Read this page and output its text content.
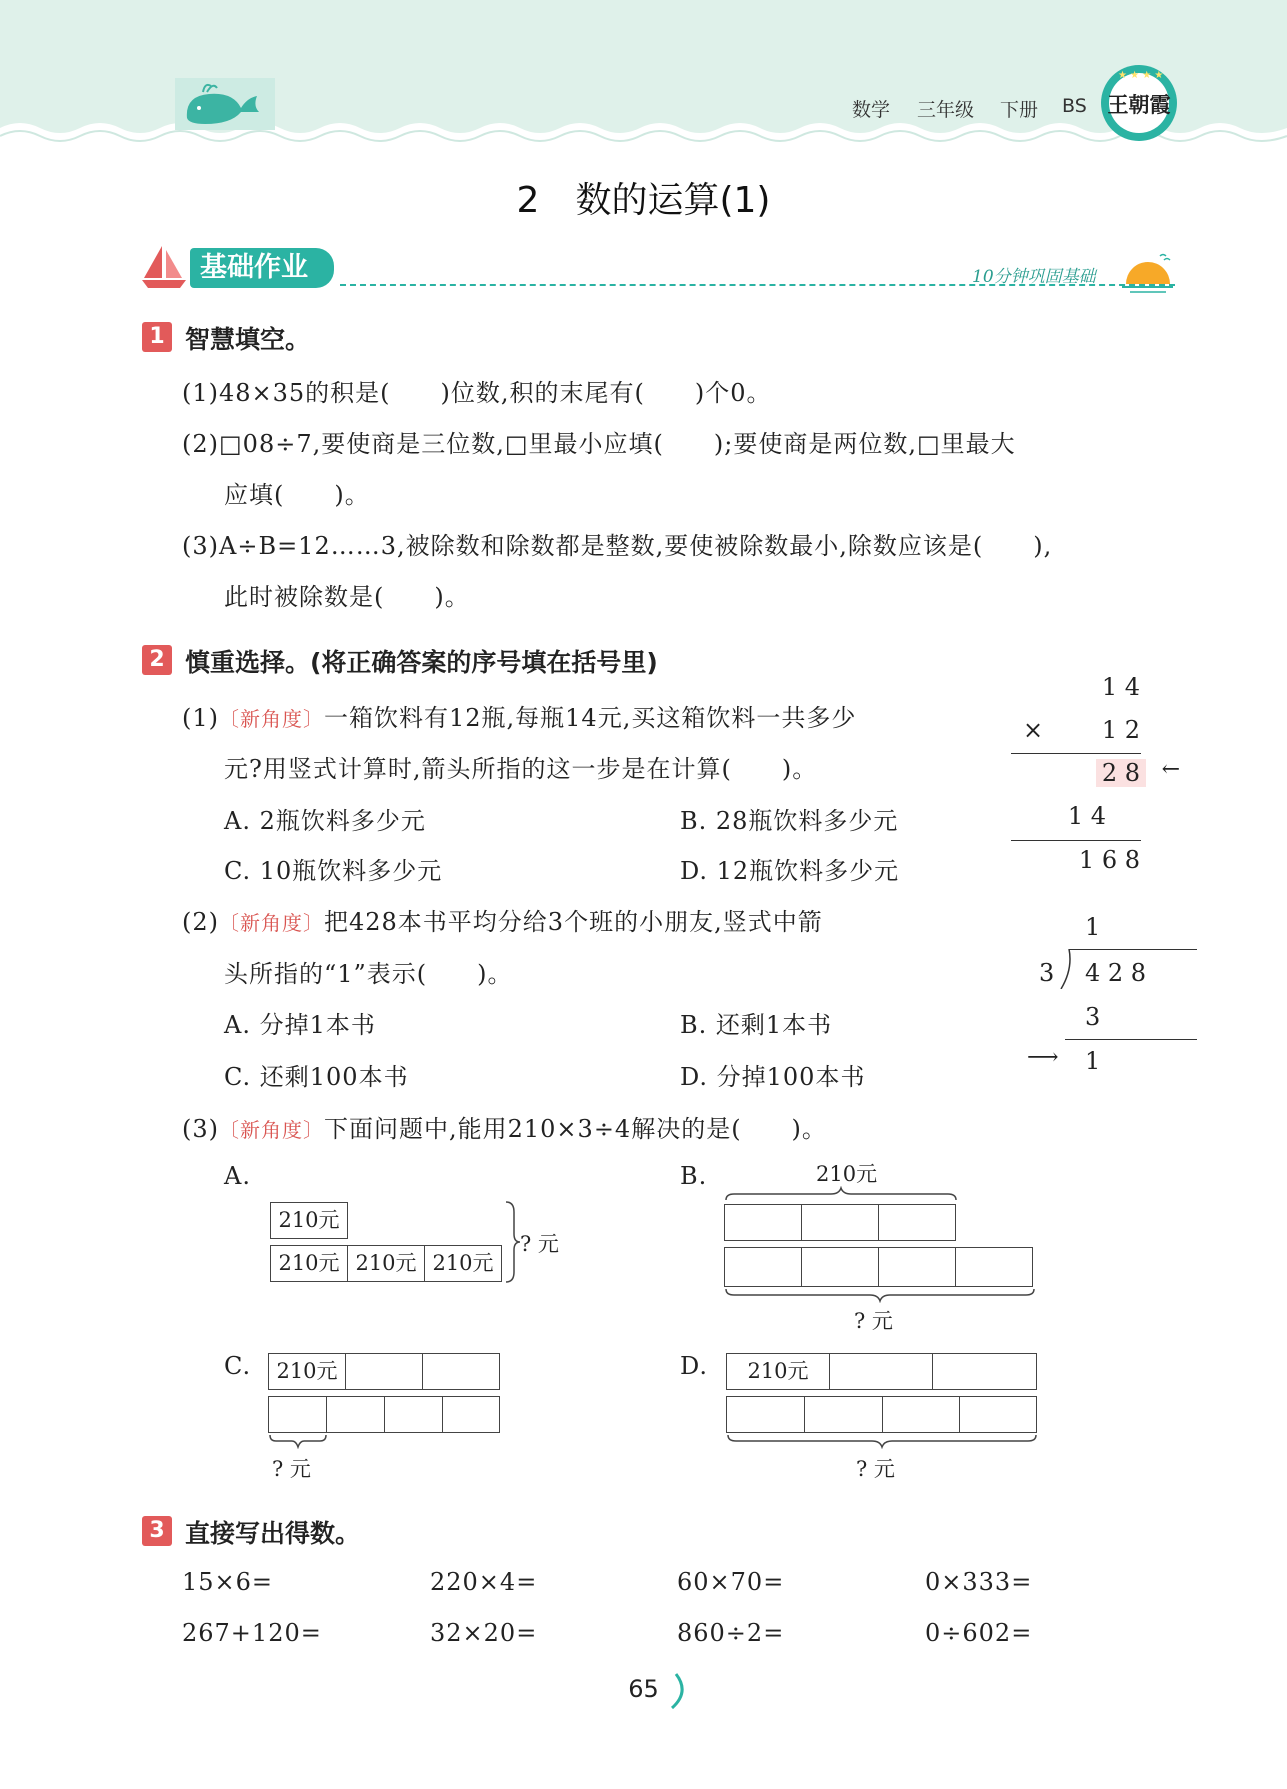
数学 三年级 下册 BS
★ ★ ★ ★
王朝霞
2　数的运算(1)
基础作业	10分钟巩固基础
1 智慧填空。
(1)48×35的积是(　　)位数,积的末尾有(　　)个0。
(2)□08÷7,要使商是三位数,□里最小应填(　　);要使商是两位数,□里最大
应填(　　)。
(3)A÷B=12……3,被除数和除数都是整数,要使被除数最小,除数应该是(　　),
此时被除数是(　　)。
2 慎重选择。(将正确答案的序号填在括号里)
(1)〔新角度〕一箱饮料有12瓶,每瓶14元,买这箱饮料一共多少
元?用竖式计算时,箭头所指的这一步是在计算(　　)。
A. 2瓶饮料多少元	B. 28瓶饮料多少元
C. 10瓶饮料多少元	D. 12瓶饮料多少元
1 4
× 1 2
2 8 ←
1 4
1 6 8
(2)〔新角度〕把428本书平均分给3个班的小朋友,竖式中箭
头所指的“1”表示(　　)。
A. 分掉1本书	B. 还剩1本书
C. 还剩100本书	D. 分掉100本书
1
3 4 2 8
3
⟶ 1
(3)〔新角度〕下面问题中,能用210×3÷4解决的是(　　)。
A.
210元
210元 210元 210元
? 元
B.	210元
? 元
C.	210元
? 元
D.	210元
? 元
3 直接写出得数。
15×6=	220×4=	60×70=	0×333=
267+120=	32×20=	860÷2=	0÷602=
65
